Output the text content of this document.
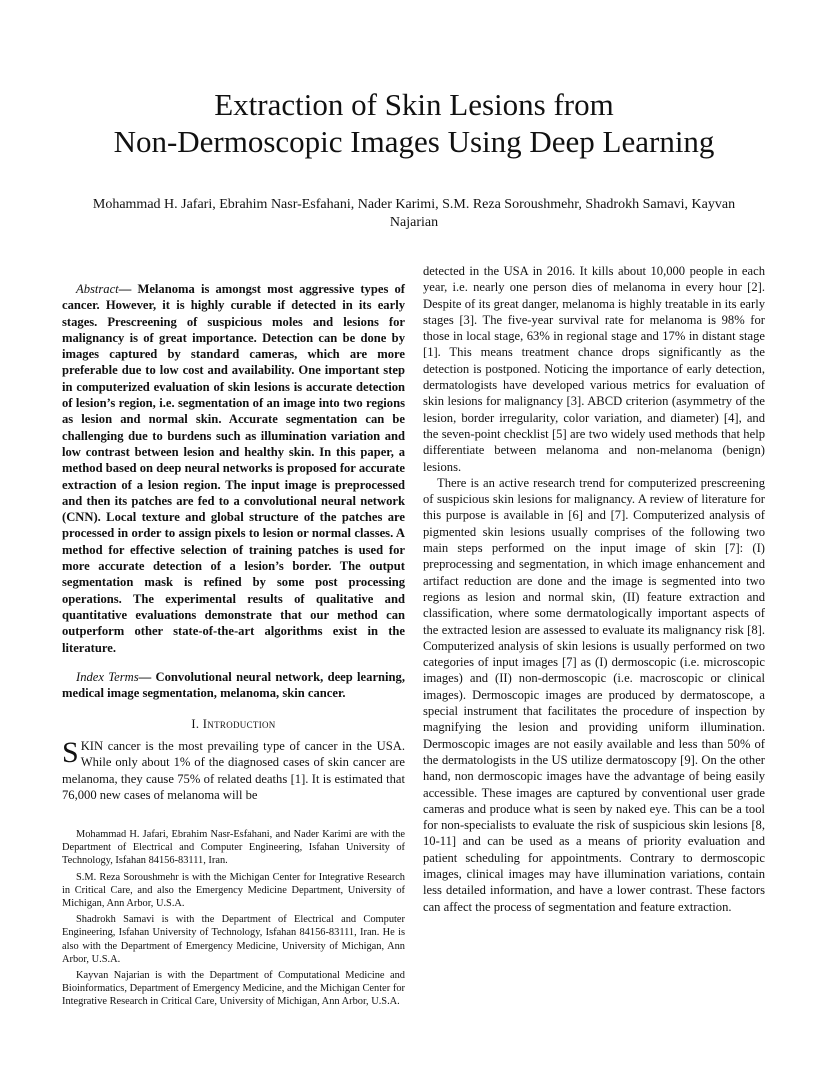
Extraction of Skin Lesions from
Non-Dermoscopic Images Using Deep Learning

Mohammad H. Jafari, Ebrahim Nasr-Esfahani, Nader Karimi, S.M. Reza Soroushmehr, Shadrokh Samavi, Kayvan Najarian

Abstract— Melanoma is amongst most aggressive types of cancer. However, it is highly curable if detected in its early stages. Prescreening of suspicious moles and lesions for malignancy is of great importance. Detection can be done by images captured by standard cameras, which are more preferable due to low cost and availability. One important step in computerized evaluation of skin lesions is accurate detection of lesion’s region, i.e. segmentation of an image into two regions as lesion and normal skin. Accurate segmentation can be challenging due to burdens such as illumination variation and low contrast between lesion and healthy skin. In this paper, a method based on deep neural networks is proposed for accurate extraction of a lesion region. The input image is preprocessed and then its patches are fed to a convolutional neural network (CNN). Local texture and global structure of the patches are processed in order to assign pixels to lesion or normal classes. A method for effective selection of training patches is used for more accurate detection of a lesion’s border. The output segmentation mask is refined by some post processing operations. The experimental results of qualitative and quantitative evaluations demonstrate that our method can outperform other state-of-the-art algorithms exist in the literature.

Index Terms— Convolutional neural network, deep learning, medical image segmentation, melanoma, skin cancer.

I. Introduction

SKIN cancer is the most prevailing type of cancer in the USA. While only about 1% of the diagnosed cases of skin cancer are melanoma, they cause 75% of related deaths [1]. It is estimated that 76,000 new cases of melanoma will be

Mohammad H. Jafari, Ebrahim Nasr-Esfahani, and Nader Karimi are with the Department of Electrical and Computer Engineering, Isfahan University of Technology, Isfahan 84156-83111, Iran.

S.M. Reza Soroushmehr is with the Michigan Center for Integrative Research in Critical Care, and also the Emergency Medicine Department, University of Michigan, Ann Arbor, U.S.A.

Shadrokh Samavi is with the Department of Electrical and Computer Engineering, Isfahan University of Technology, Isfahan 84156-83111, Iran. He is also with the Department of Emergency Medicine, University of Michigan, Ann Arbor, U.S.A.

Kayvan Najarian is with the Department of Computational Medicine and Bioinformatics, Department of Emergency Medicine, and the Michigan Center for Integrative Research in Critical Care, University of Michigan, Ann Arbor, U.S.A.

detected in the USA in 2016. It kills about 10,000 people in each year, i.e. nearly one person dies of melanoma in every hour [2]. Despite of its great danger, melanoma is highly treatable in its early stages [3]. The five-year survival rate for melanoma is 98% for those in local stage, 63% in regional stage and 17% in distant stage [1]. This means treatment chance drops significantly as the detection is postponed. Noticing the importance of early detection, dermatologists have developed various metrics for evaluation of skin lesions for malignancy [3]. ABCD criterion (asymmetry of the lesion, border irregularity, color variation, and diameter) [4], and the seven-point checklist [5] are two widely used methods that help differentiate between melanoma and non-melanoma (benign) lesions.

There is an active research trend for computerized prescreening of suspicious skin lesions for malignancy. A review of literature for this purpose is available in [6] and [7]. Computerized analysis of pigmented skin lesions usually comprises of the following two main steps performed on the input image of skin [7]: (I) preprocessing and segmentation, in which image enhancement and artifact reduction are done and the image is segmented into two regions as lesion and normal skin, (II) feature extraction and classification, where some dermatologically important aspects of the extracted lesion are assessed to evaluate its malignancy risk [8]. Computerized analysis of skin lesions is usually performed on two categories of input images [7] as (I) dermoscopic (i.e. microscopic images) and (II) non-dermoscopic (i.e. macroscopic or clinical images). Dermoscopic images are produced by dermatoscope, a special instrument that facilitates the procedure of inspection by magnifying the lesion and providing uniform illumination. Dermoscopic images are not easily available and less than 50% of the dermatologists in the US utilize dermatoscopy [9]. On the other hand, non dermoscopic images have the advantage of being easily accessible. These images are captured by conventional user grade cameras and produce what is seen by naked eye. This can be a tool for non-specialists to evaluate the risk of suspicious skin lesions [8, 10-11] and can be used as a means of priority evaluation and patient scheduling for appointments. Contrary to dermoscopic images, clinical images may have illumination variations, contain less detailed information, and have a lower contrast. These factors can affect the process of segmentation and feature extraction.
